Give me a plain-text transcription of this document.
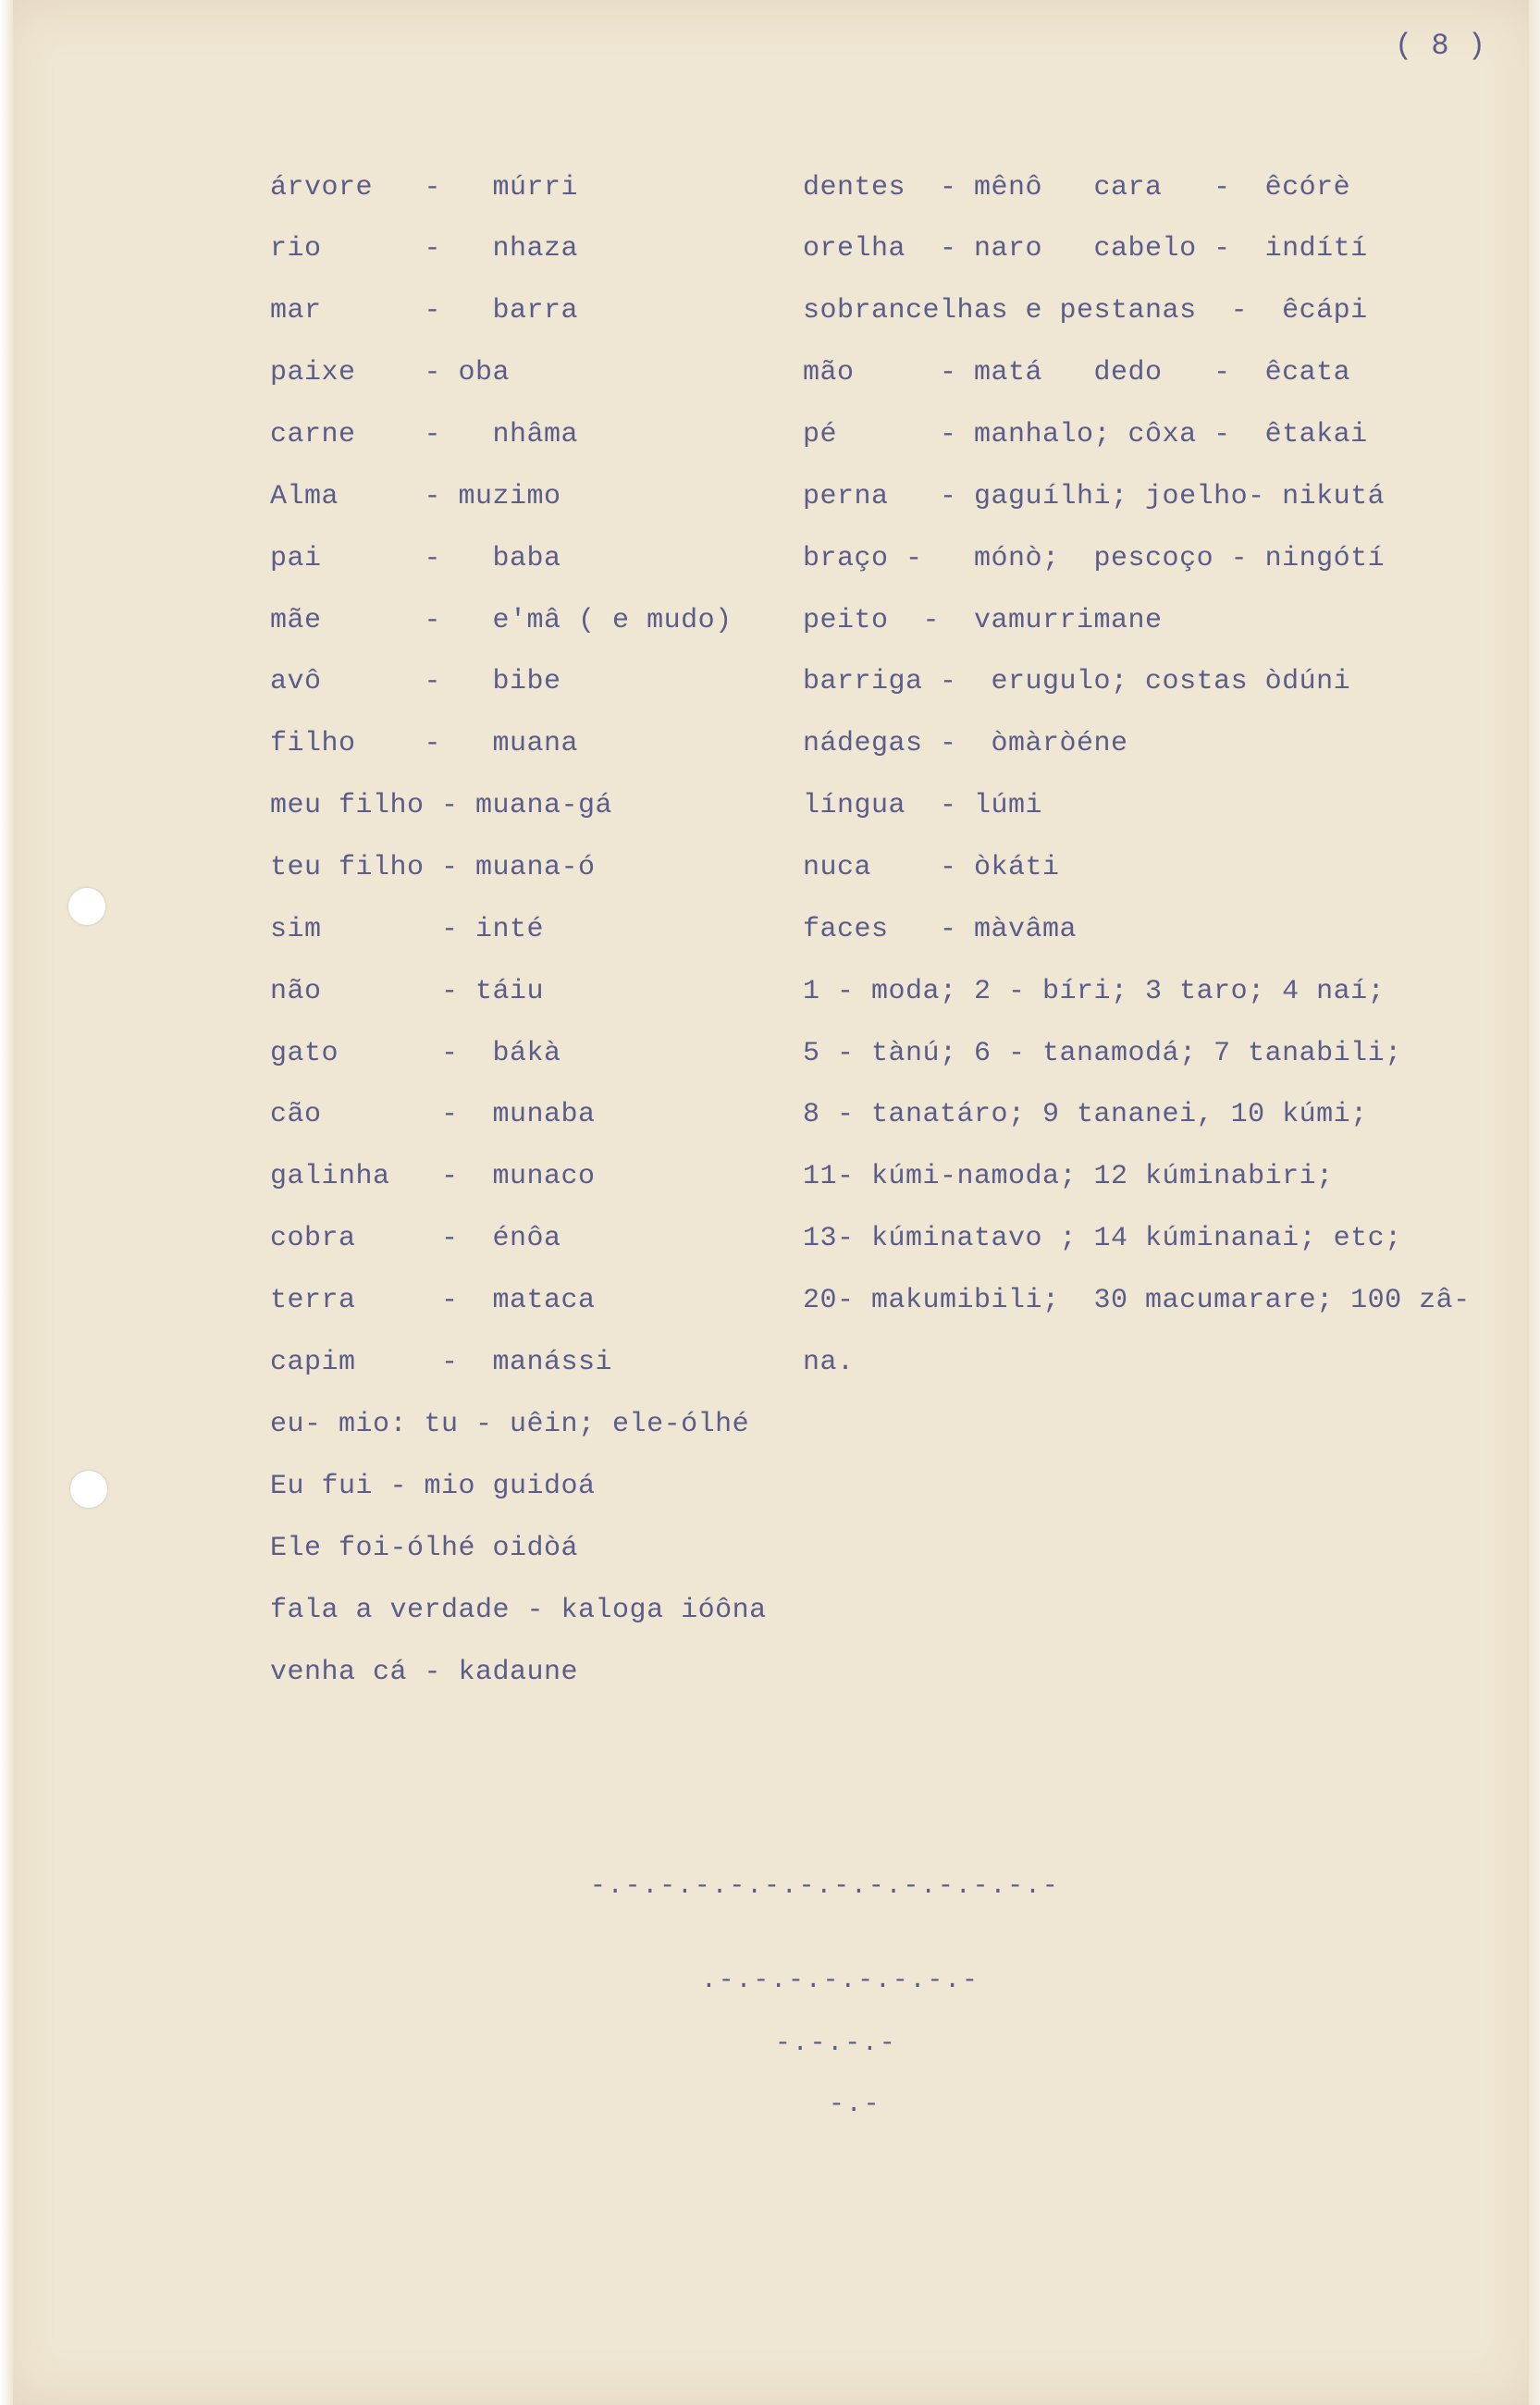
( 8 )
árvore   -   múrri
rio      -   nhaza
mar      -   barra
paixe    - oba
carne    -   nhâma
Alma     - muzimo
pai      -   baba
mãe      -   e'mâ ( e mudo)
avô      -   bibe
filho    -   muana
meu filho - muana-gá
teu filho - muana-ó
sim       - inté
não       - táiu
gato      -  bákà
cão       -  munaba
galinha   -  munaco
cobra     -  énôa
terra     -  mataca
capim     -  manássi
dentes  - mênô   cara   -  êcórè
orelha  - naro   cabelo -  indítí
sobrancelhas e pestanas  -  êcápi
mão     - matá   dedo   -  êcata
pé      - manhalo; côxa -  êtakai
perna   - gaguílhi; joelho- nikutá
braço -   mónò;  pescoço - ningótí
peito  -  vamurrimane
barriga -  erugulo; costas òdúni
nádegas -  òmàròéne
língua  - lúmi
nuca    - òkáti
faces   - màvâma
1 - moda; 2 - bíri; 3 taro; 4 naí;
5 - tànú; 6 - tanamodá; 7 tanabili;
8 - tanatáro; 9 tananei, 10 kúmi;
11- kúmi-namoda; 12 kúminabiri;
13- kúminatavo ; 14 kúminanai; etc;
20- makumibili;  30 macumarare; 100 zâ-
na.
eu- mio: tu - uêin; ele-ólhé
Eu fui - mio guidoá
Ele foi-ólhé oidòá
fala a verdade - kaloga ióôna
venha cá - kadaune
-.-.-.-.-.-.-.-.-.-.-.-.-.-
.-.-.-.-.-.-.-.-
-.-.-.-
-.-
